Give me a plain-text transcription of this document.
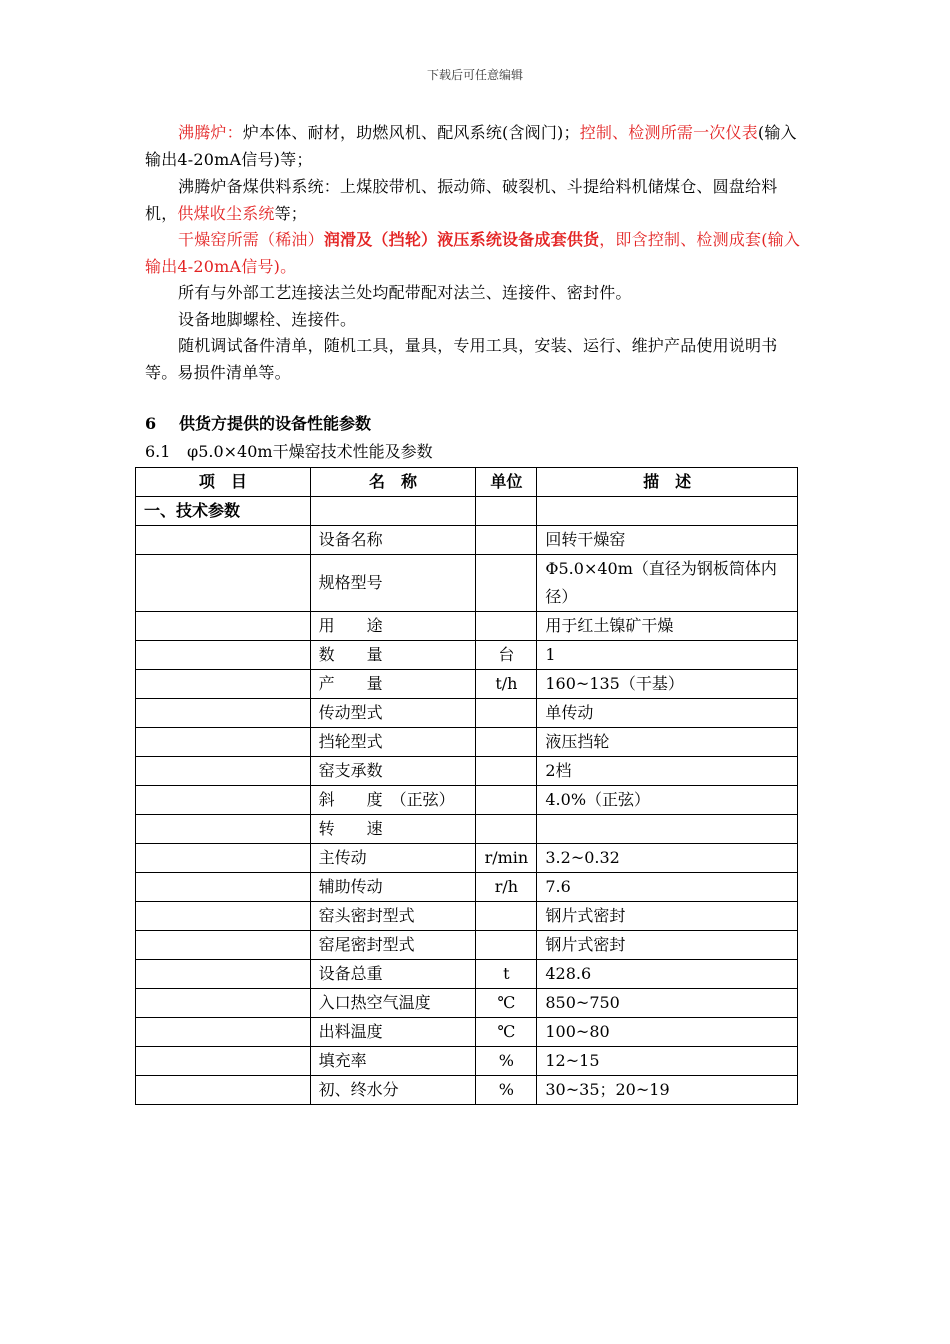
下载后可任意编辑
沸腾炉：炉本体、耐材，助燃风机、配风系统(含阀门)；控制、检测所需一次仪表(输入输出4-20mA信号)等；
沸腾炉备煤供料系统：上煤胶带机、振动筛、破裂机、斗提给料机储煤仓、圆盘给料机，供煤收尘系统等；
干燥窑所需（稀油）润滑及（挡轮）液压系统设备成套供货，即含控制、检测成套(输入输出4-20mA信号)。
所有与外部工艺连接法兰处均配带配对法兰、连接件、密封件。
设备地脚螺栓、连接件。
随机调试备件清单，随机工具，量具，专用工具，安装、运行、维护产品使用说明书等。易损件清单等。
6 供货方提供的设备性能参数
6.1 φ5.0×40m干燥窑技术性能及参数
项　目	名　称	单位	描　述
一、技术参数			
	设备名称		回转干燥窑
	规格型号		Φ5.0×40m（直径为钢板筒体内径）
	用　　途		用于红土镍矿干燥
	数　　量	台	1
	产　　量	t/h	160~135（干基）
	传动型式		单传动
	挡轮型式		液压挡轮
	窑支承数		2档
	斜　　度　（正弦）		4.0%（正弦）
	转　　速		
	主传动	r/min	3.2~0.32
	辅助传动	r/h	7.6
	窑头密封型式		钢片式密封
	窑尾密封型式		钢片式密封
	设备总重	t	428.6
	入口热空气温度	℃	850~750
	出料温度	℃	100~80
	填充率	%	12~15
	初、终水分	%	30~35；20~19
